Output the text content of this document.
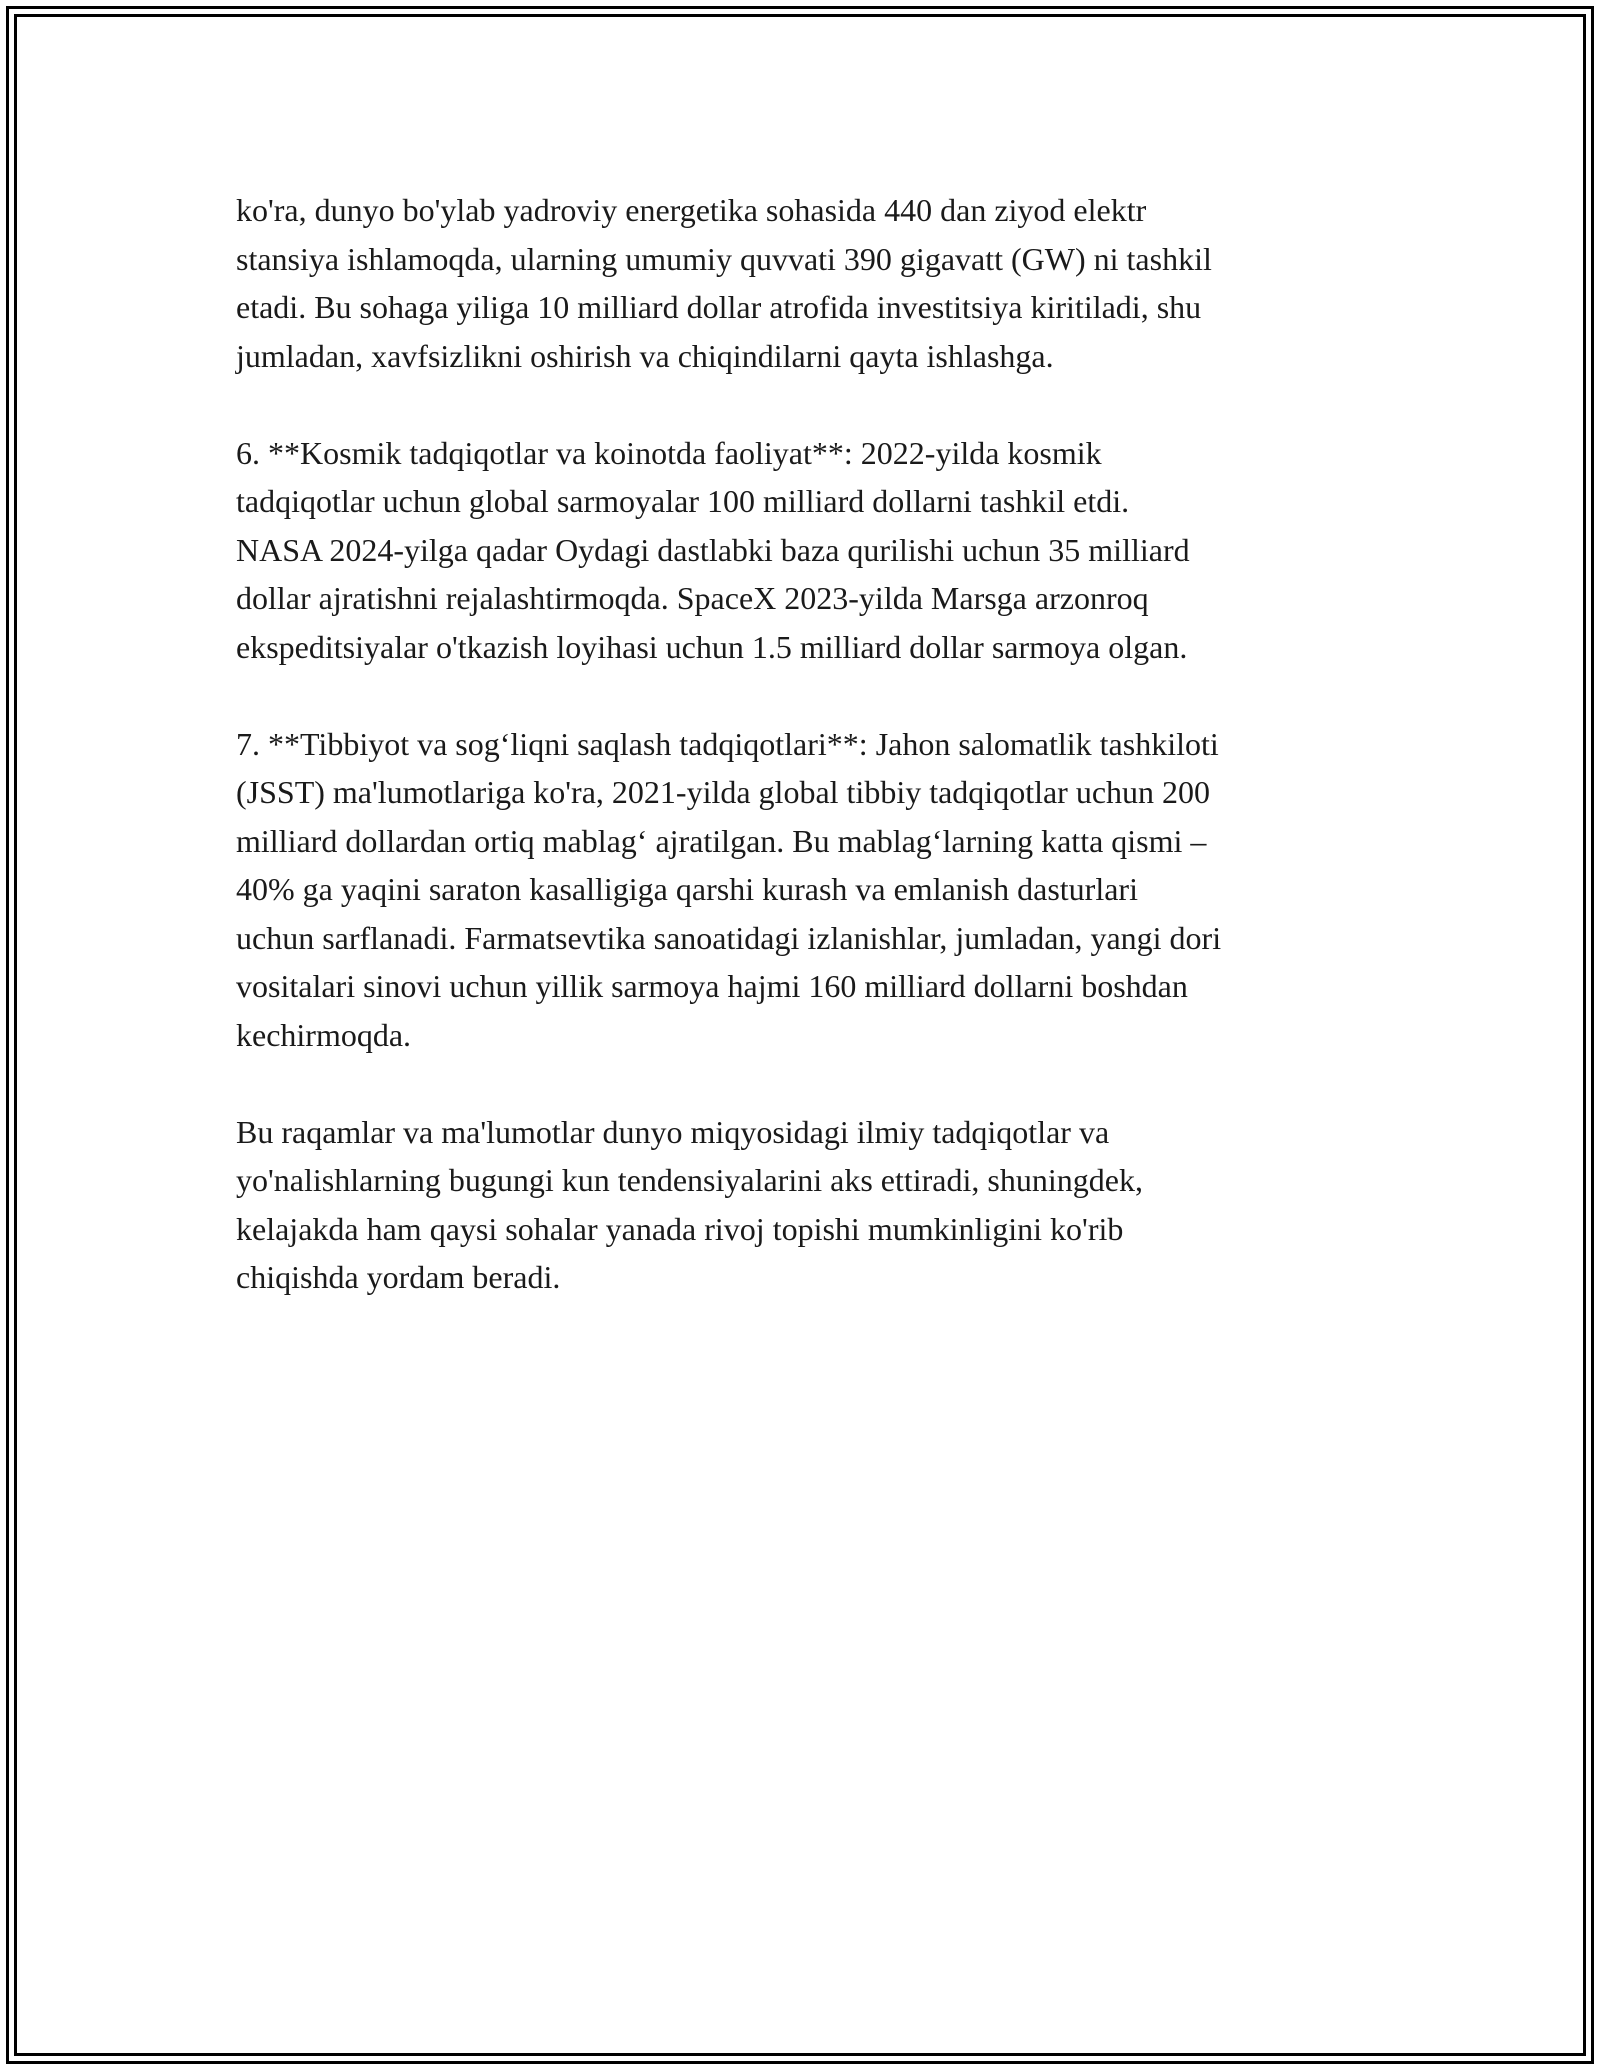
ko'ra, dunyo bo'ylab yadroviy energetika sohasida 440 dan ziyod elektr
stansiya ishlamoqda, ularning umumiy quvvati 390 gigavatt (GW) ni tashkil
etadi. Bu sohaga yiliga 10 milliard dollar atrofida investitsiya kiritiladi, shu
jumladan, xavfsizlikni oshirish va chiqindilarni qayta ishlashga.

6. **Kosmik tadqiqotlar va koinotda faoliyat**: 2022-yilda kosmik
tadqiqotlar uchun global sarmoyalar 100 milliard dollarni tashkil etdi.
NASA 2024-yilga qadar Oydagi dastlabki baza qurilishi uchun 35 milliard
dollar ajratishni rejalashtirmoqda. SpaceX 2023-yilda Marsga arzonroq
ekspeditsiyalar o'tkazish loyihasi uchun 1.5 milliard dollar sarmoya olgan.

7. **Tibbiyot va sog‘liqni saqlash tadqiqotlari**: Jahon salomatlik tashkiloti
(JSST) ma'lumotlariga ko'ra, 2021-yilda global tibbiy tadqiqotlar uchun 200
milliard dollardan ortiq mablag‘ ajratilgan. Bu mablag‘larning katta qismi –
40% ga yaqini saraton kasalligiga qarshi kurash va emlanish dasturlari
uchun sarflanadi. Farmatsevtika sanoatidagi izlanishlar, jumladan, yangi dori
vositalari sinovi uchun yillik sarmoya hajmi 160 milliard dollarni boshdan
kechirmoqda.

Bu raqamlar va ma'lumotlar dunyo miqyosidagi ilmiy tadqiqotlar va
yo'nalishlarning bugungi kun tendensiyalarini aks ettiradi, shuningdek,
kelajakda ham qaysi sohalar yanada rivoj topishi mumkinligini ko'rib
chiqishda yordam beradi.
